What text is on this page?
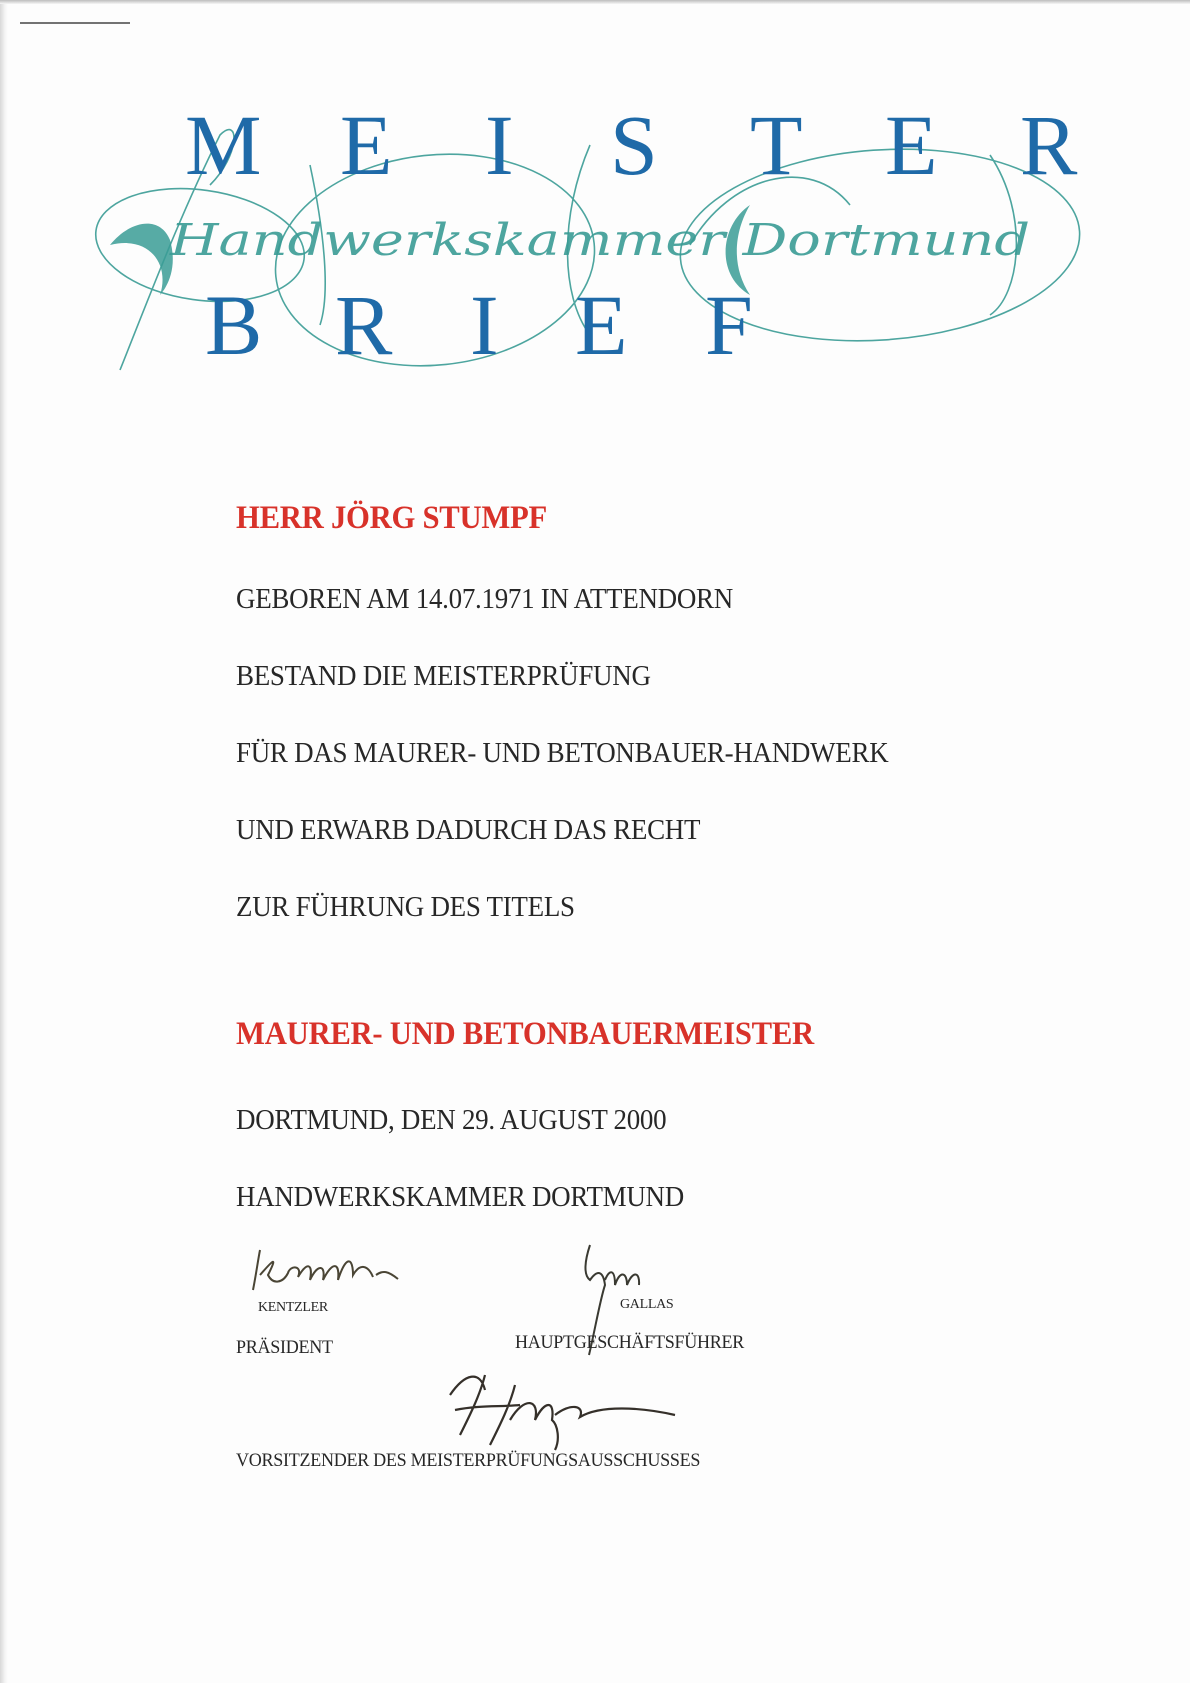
Handwerkskammer Dortmund
M E I S T E R
B R I E F
HERR JÖRG STUMPF
GEBOREN AM 14.07.1971 IN ATTENDORN
BESTAND DIE MEISTERPRÜFUNG
FÜR DAS MAURER- UND BETONBAUER-HANDWERK
UND ERWARB DADURCH DAS RECHT
ZUR FÜHRUNG DES TITELS
MAURER- UND BETONBAUERMEISTER
DORTMUND, DEN 29. AUGUST 2000
HANDWERKSKAMMER DORTMUND
KENTZLER
PRÄSIDENT
GALLAS
HAUPTGESCHÄFTSFÜHRER
VORSITZENDER DES MEISTERPRÜFUNGSAUSSCHUSSES
